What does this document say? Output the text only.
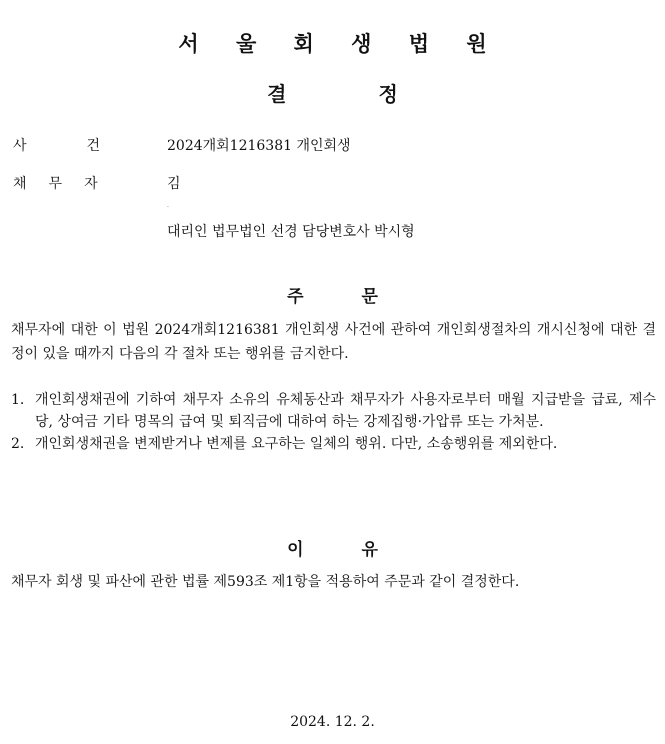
서 울 회 생 법 원
결	정
사	건	2024개회1216381 개인회생
채 무 자	김
·
대리인 법무법인 선경 담당변호사 박시형
주	문
채무자에 대한 이 법원 2024개회1216381 개인회생 사건에 관하여 개인회생절차의 개시신청에 대한 결정이 있을 때까지 다음의 각 절차 또는 행위를 금지한다.
1. 개인회생채권에 기하여 채무자 소유의 유체동산과 채무자가 사용자로부터 매월 지급받을 급료, 제수당, 상여금 기타 명목의 급여 및 퇴직금에 대하여 하는 강제집행·가압류 또는 가처분.
2. 개인회생채권을 변제받거나 변제를 요구하는 일체의 행위. 다만, 소송행위를 제외한다.
이	유
채무자 회생 및 파산에 관한 법률 제593조 제1항을 적용하여 주문과 같이 결정한다.
2024. 12. 2.
